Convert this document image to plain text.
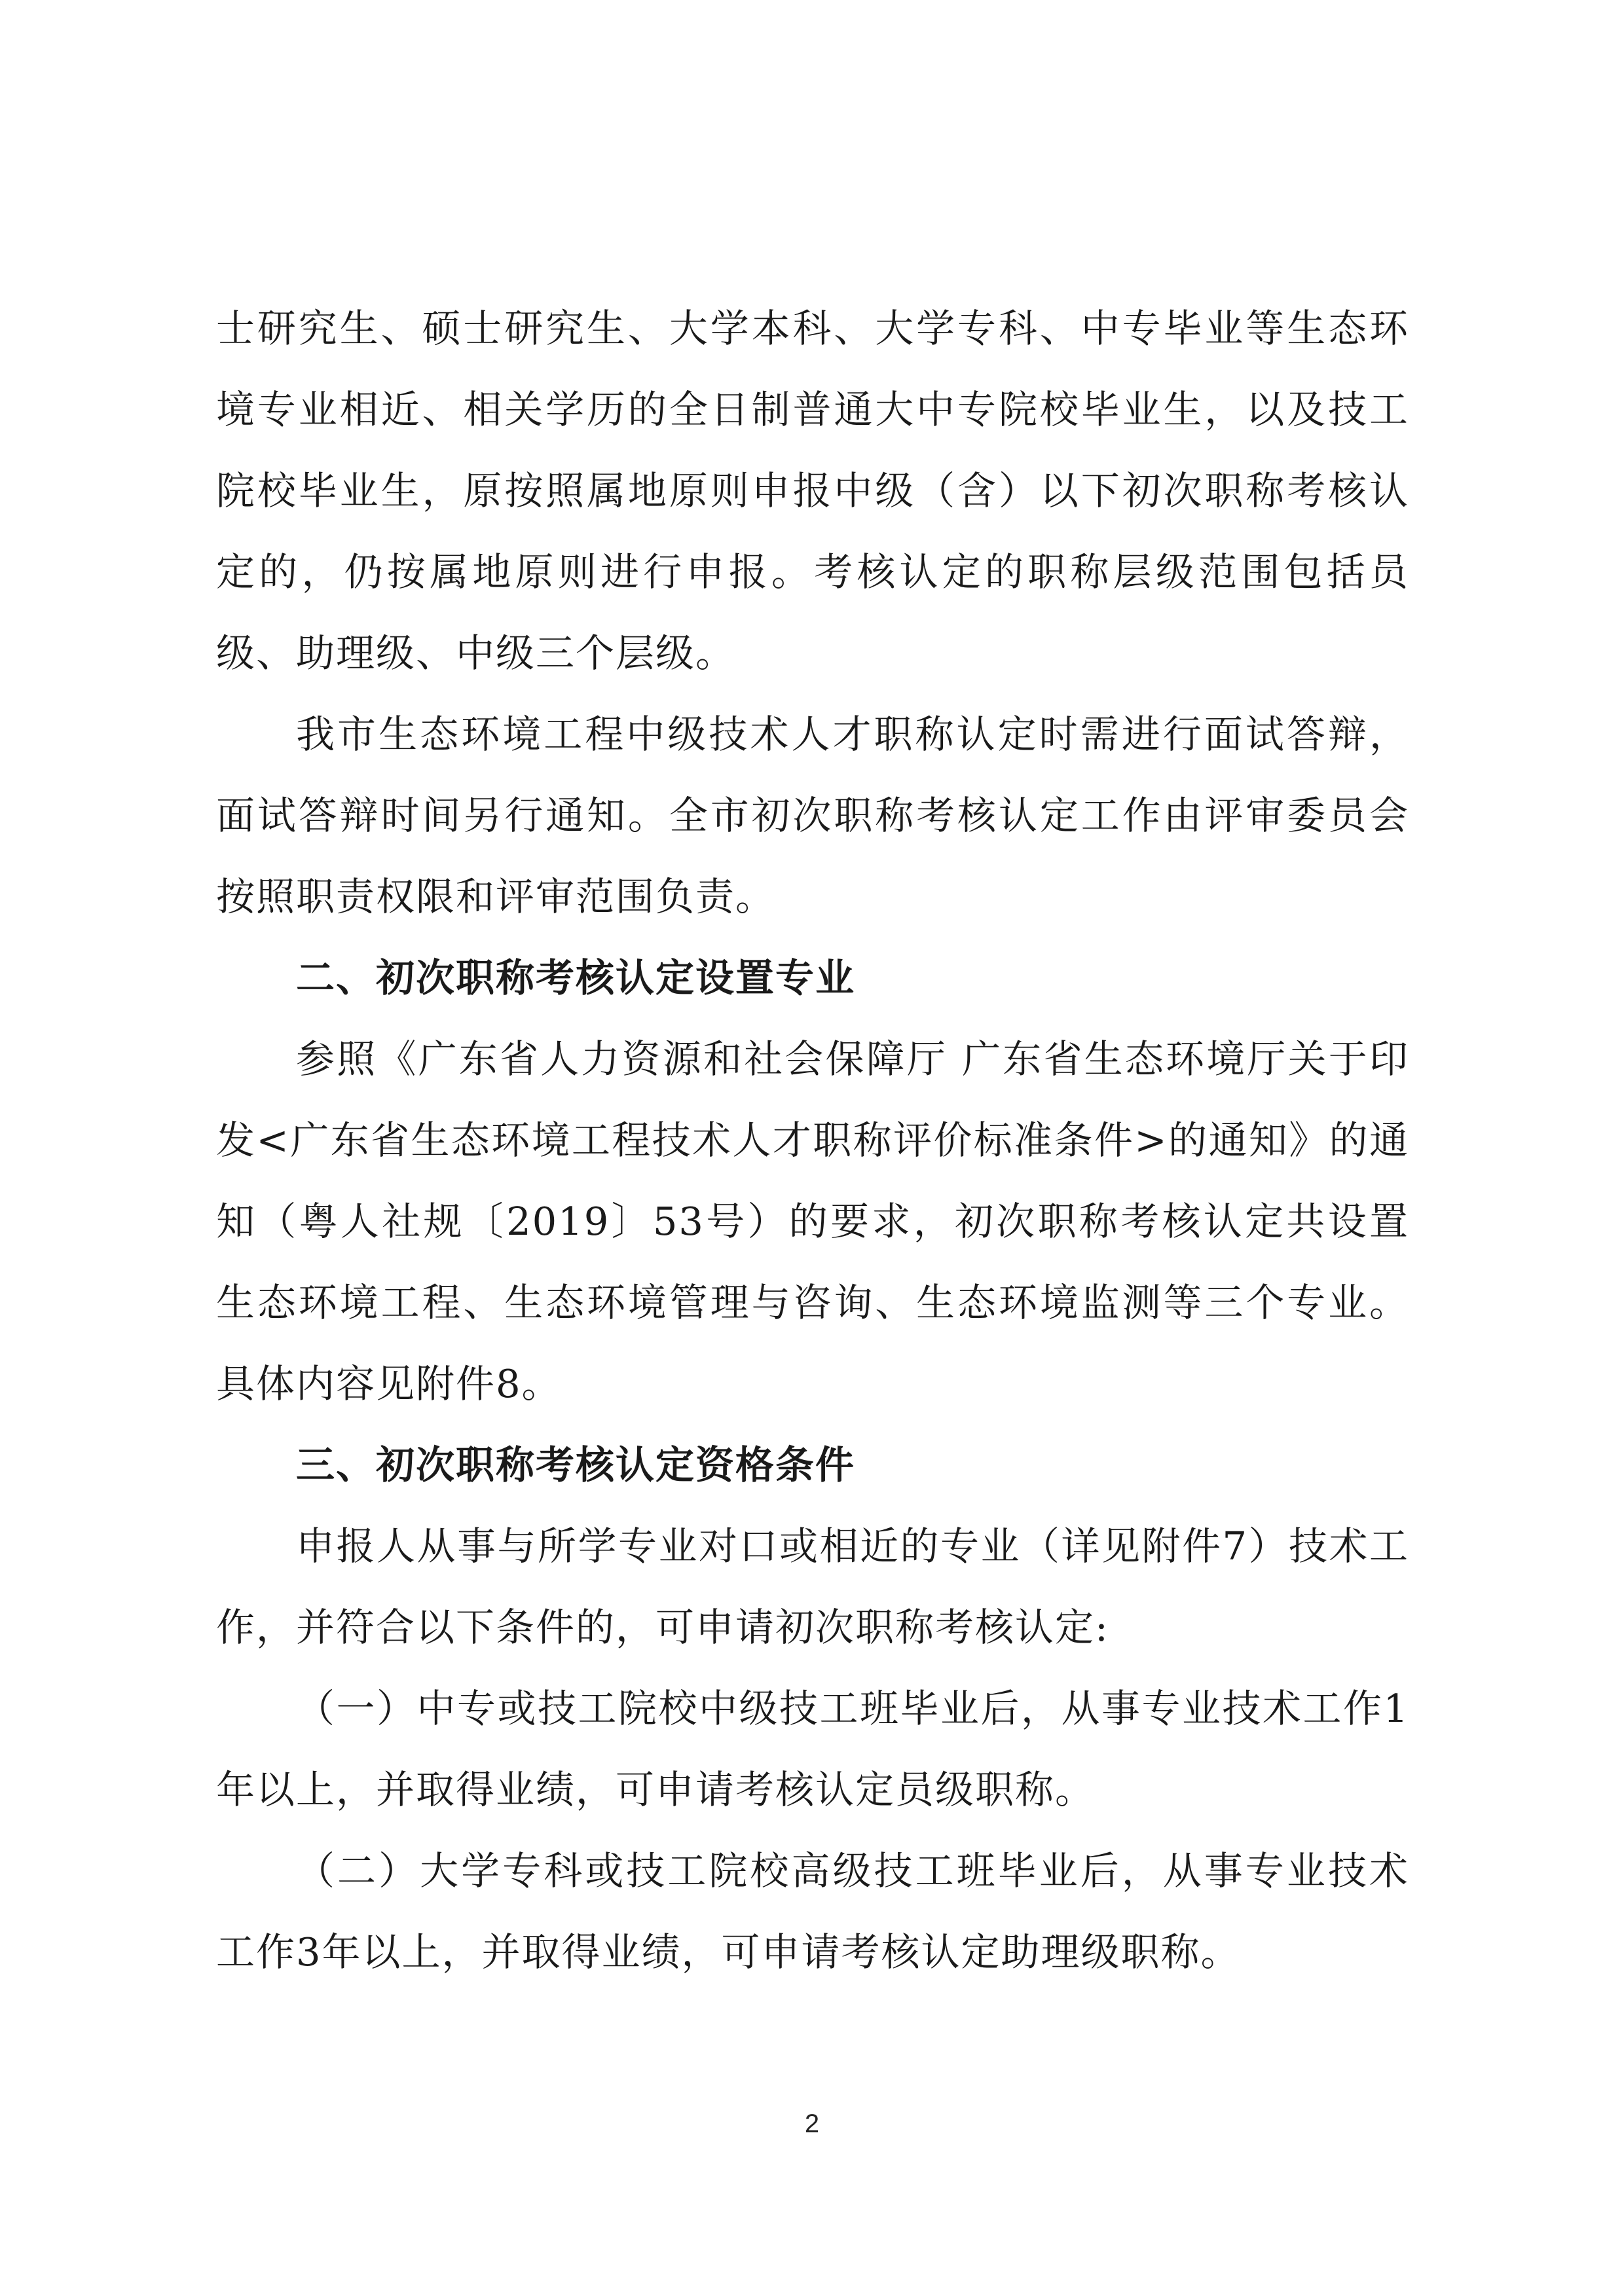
士研究生、硕士研究生、大学本科、大学专科、中专毕业等生态环境专业相近、相关学历的全日制普通大中专院校毕业生，以及技工院校毕业生，原按照属地原则申报中级（含）以下初次职称考核认定的，仍按属地原则进行申报。考核认定的职称层级范围包括员级、助理级、中级三个层级。

我市生态环境工程中级技术人才职称认定时需进行面试答辩，面试答辩时间另行通知。全市初次职称考核认定工作由评审委员会按照职责权限和评审范围负责。

二、初次职称考核认定设置专业

参照《广东省人力资源和社会保障厅 广东省生态环境厅关于印发<广东省生态环境工程技术人才职称评价标准条件>的通知》的通知（粤人社规〔2019〕53号）的要求，初次职称考核认定共设置生态环境工程、生态环境管理与咨询、生态环境监测等三个专业。具体内容见附件8。

三、初次职称考核认定资格条件

申报人从事与所学专业对口或相近的专业（详见附件7）技术工作，并符合以下条件的，可申请初次职称考核认定:

（一）中专或技工院校中级技工班毕业后，从事专业技术工作1年以上，并取得业绩，可申请考核认定员级职称。

（二）大学专科或技工院校高级技工班毕业后，从事专业技术工作3年以上，并取得业绩，可申请考核认定助理级职称。

2
